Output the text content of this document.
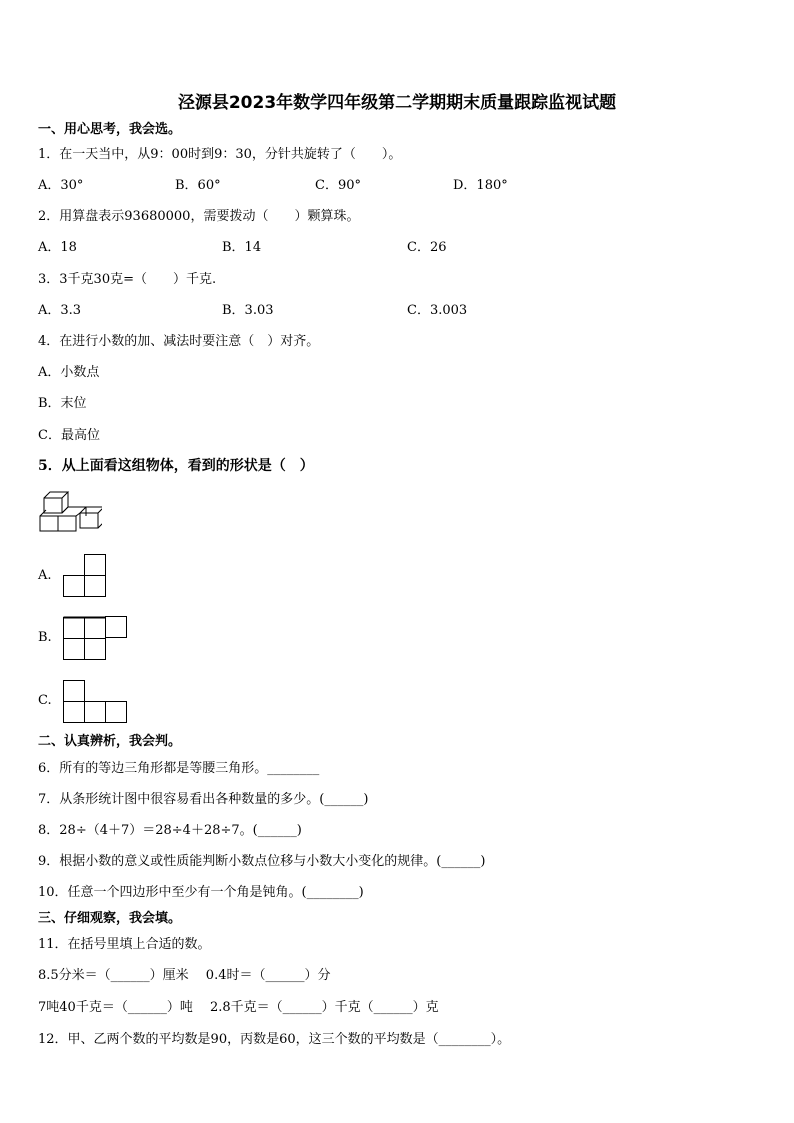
泾源县2023年数学四年级第二学期期末质量跟踪监视试题
一、用心思考，我会选。
1．在一天当中，从9：00时到9：30，分针共旋转了（　　）。
A．30°	B．60°	C．90°	D．180°
2．用算盘表示93680000，需要拨动（　　）颗算珠。
A．18	B．14	C．26
3．3千克30克=（　　）千克.
A．3.3	B．3.03	C．3.003
4．在进行小数的加、减法时要注意（　）对齐。
A．小数点
B．末位
C．最高位
5．从上面看这组物体，看到的形状是（　）
A.
B.
C.
二、认真辨析，我会判。
6．所有的等边三角形都是等腰三角形。________
7．从条形统计图中很容易看出各种数量的多少。(______)
8．28÷（4＋7）＝28÷4＋28÷7。(______)
9．根据小数的意义或性质能判断小数点位移与小数大小变化的规律。(______)
10．任意一个四边形中至少有一个角是钝角。(________)
三、仔细观察，我会填。
11．在括号里填上合适的数。
8.5分米＝（______）厘米　 0.4时＝（______）分
7吨40千克＝（______）吨　 2.8千克＝（______）千克（______）克
12．甲、乙两个数的平均数是90，丙数是60，这三个数的平均数是（________）。
